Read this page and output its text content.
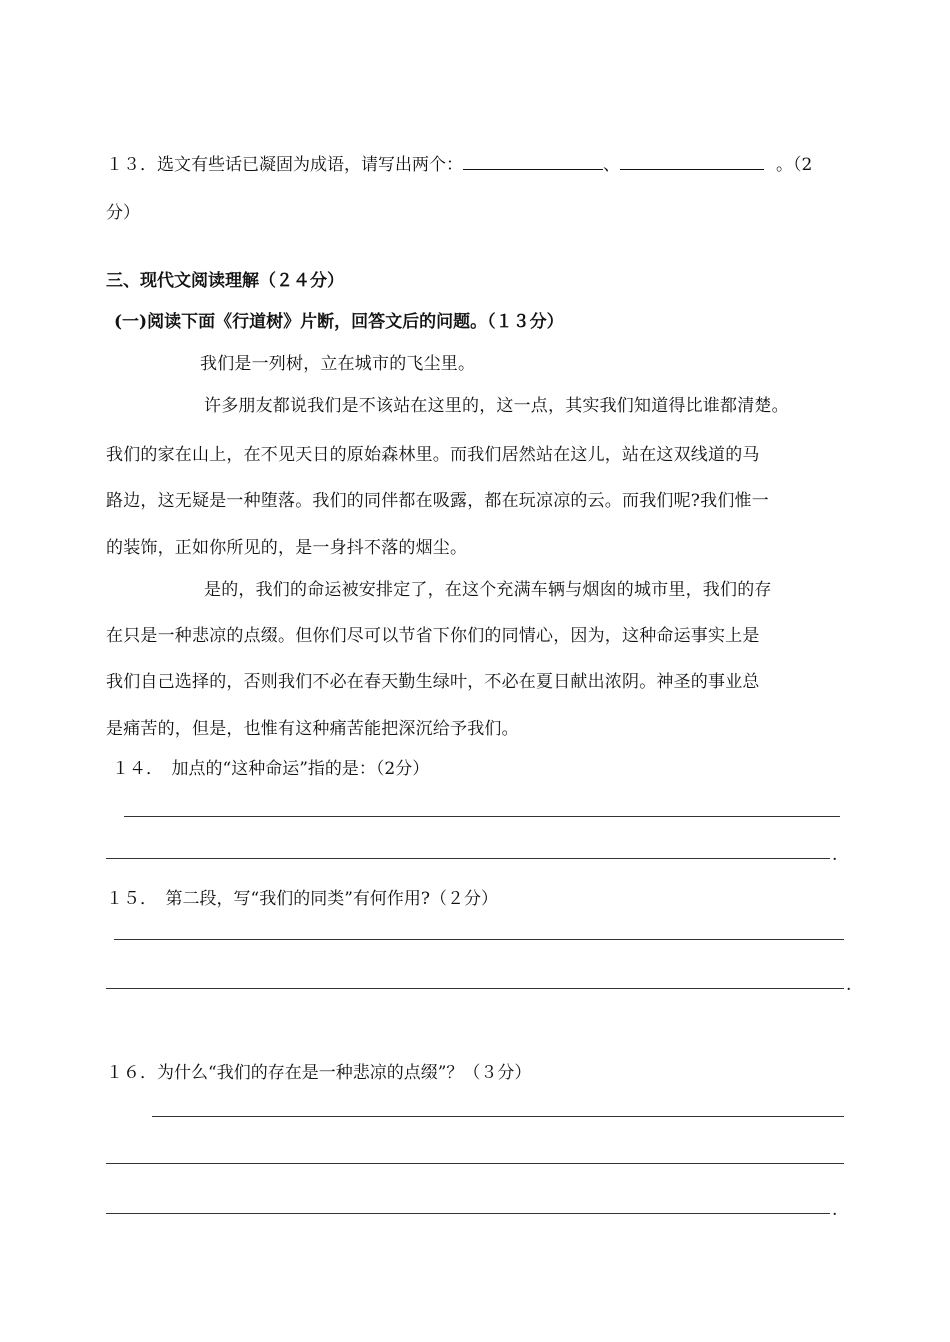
１３．选文有些话已凝固为成语，请写出两个：	、	。（2
分）
三、现代文阅读理解（２４分）
(一)阅读下面《行道树》片断，回答文后的问题。（１３分）
我们是一列树，立在城市的飞尘里。
许多朋友都说我们是不该站在这里的，这一点，其实我们知道得比谁都清楚。
我们的家在山上，在不见天日的原始森林里。而我们居然站在这儿，站在这双线道的马
路边，这无疑是一种堕落。我们的同伴都在吸露，都在玩凉凉的云。而我们呢?我们惟一
的装饰，正如你所见的，是一身抖不落的烟尘。
是的，我们的命运被安排定了，在这个充满车辆与烟囱的城市里，我们的存
在只是一种悲凉的点缀。但你们尽可以节省下你们的同情心，因为，这种命运事实上是
我们自己选择的，否则我们不必在春天勤生绿叶，不必在夏日献出浓阴。神圣的事业总
是痛苦的，但是，也惟有这种痛苦能把深沉给予我们。
１４．　加点的“这种命运”指的是：（2分）
.
１５．　第二段，写“我们的同类”有何作用?（２分）
.
１６．为什么“我们的存在是一种悲凉的点缀”？（３分）
.
